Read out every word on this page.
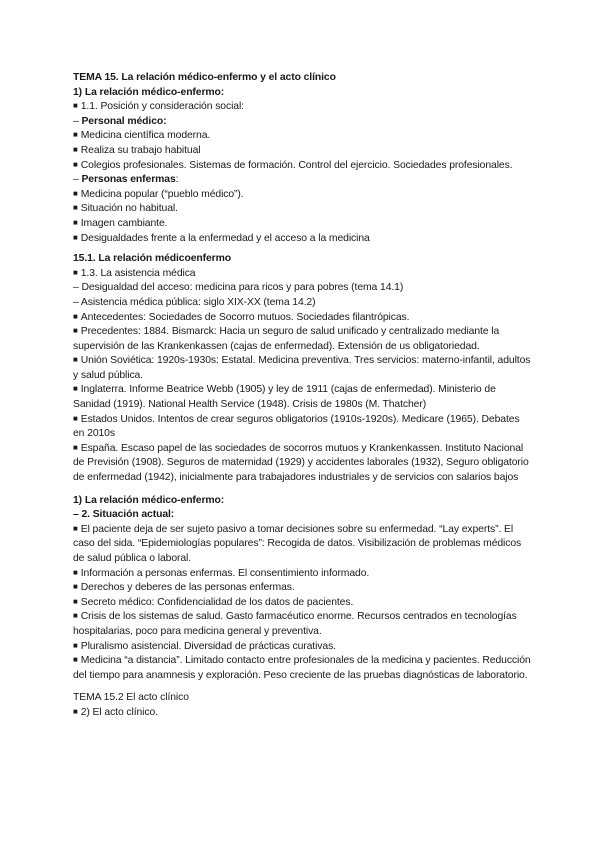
TEMA 15. La relación médico-enfermo y el acto clínico
1) La relación médico-enfermo:
■ 1.1. Posición y consideración social:
– Personal médico:
■ Medicina científica moderna.
■ Realiza su trabajo habitual
■ Colegios profesionales. Sistemas de formación. Control del ejercicio. Sociedades profesionales.
– Personas enfermas:
■ Medicina popular (“pueblo médico”).
■ Situación no habitual.
■ Imagen cambiante.
■ Desigualdades frente a la enfermedad y el acceso a la medicina
15.1. La relación médicoenfermo
■ 1.3. La asistencia médica
– Desigualdad del acceso: medicina para ricos y para pobres (tema 14.1)
– Asistencia médica pública: siglo XIX-XX (tema 14.2)
■ Antecedentes: Sociedades de Socorro mutuos. Sociedades filantrópicas.
■ Precedentes: 1884. Bismarck: Hacia un seguro de salud unificado y centralizado mediante la supervisión de las Krankenkassen (cajas de enfermedad). Extensión de us obligatoriedad.
■ Unión Soviética: 1920s-1930s: Estatal. Medicina preventiva. Tres servicios: materno-infantil, adultos y salud pública.
■ Inglaterra. Informe Beatrice Webb (1905) y ley de 1911 (cajas de enfermedad). Ministerio de Sanidad (1919). National Health Service (1948). Crisis de 1980s (M. Thatcher)
■ Estados Unidos. Intentos de crear seguros obligatorios (1910s-1920s). Medicare (1965). Debates en 2010s
■ España. Escaso papel de las sociedades de socorros mutuos y Krankenkassen. Instituto Nacional de Previsión (1908). Seguros de maternidad (1929) y accidentes laborales (1932), Seguro obligatorio de enfermedad (1942), inicialmente para trabajadores industriales y de servicios con salarios bajos
1) La relación médico-enfermo:
– 2. Situación actual:
■ El paciente deja de ser sujeto pasivo a tomar decisiones sobre su enfermedad. “Lay experts”. El caso del sida. “Epidemiologías populares”: Recogida de datos. Visibilización de problemas médicos de salud pública o laboral.
■ Información a personas enfermas. El consentimiento informado.
■ Derechos y deberes de las personas enfermas.
■ Secreto médico: Confidencialidad de los datos de pacientes.
■ Crisis de los sistemas de salud. Gasto farmacéutico enorme. Recursos centrados en tecnologías hospitalarias, poco para medicina general y preventiva.
■ Pluralismo asistencial. Diversidad de prácticas curativas.
■ Medicina “a distancia”. Limitado contacto entre profesionales de la medicina y pacientes. Reducción del tiempo para anamnesis y exploración. Peso creciente de las pruebas diagnósticas de laboratorio.
TEMA 15.2 El acto clínico
■ 2) El acto clínico.
